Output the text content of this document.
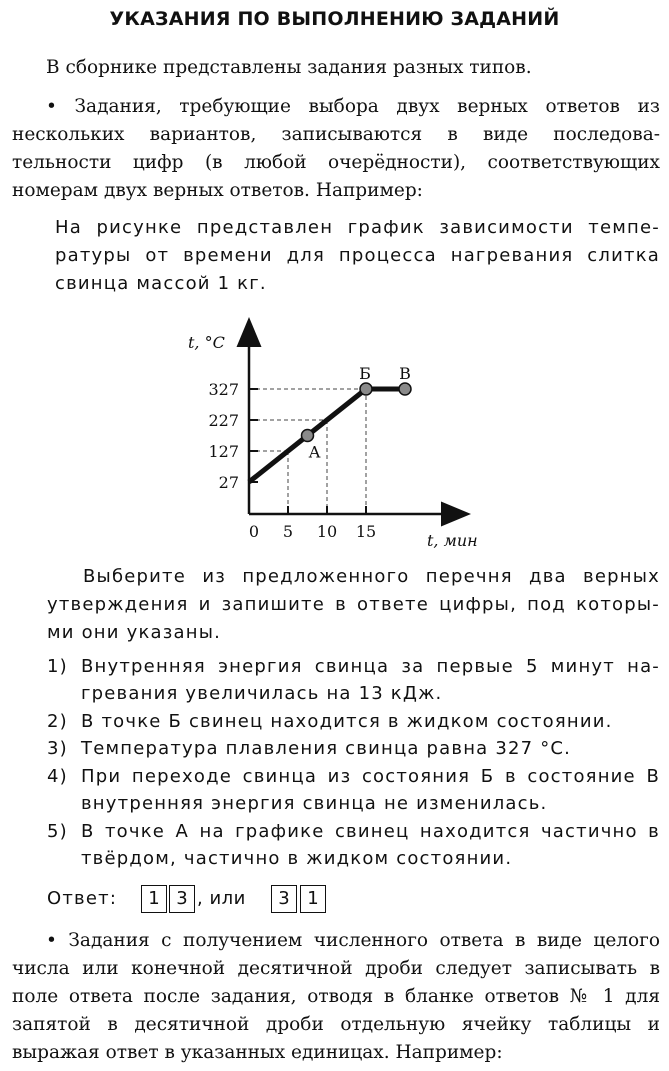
УКАЗАНИЯ ПО ВЫПОЛНЕНИЮ ЗАДАНИЙ
В сборнике представлены задания разных типов.
• Задания, требующие выбора двух верных ответов из
нескольких вариантов, записываются в виде последова-
тельности цифр (в любой очерёдности), соответствующих
номерам двух верных ответов. Например:
На рисунке представлен график зависимости темпе-
ратуры от времени для процесса нагревания слитка
свинца массой 1 кг.
27
127
227
327
0 5 10 15
А
Б В
t, °С
t, мин
Выберите из предложенного перечня два верных
утверждения и запишите в ответе цифры, под которы-
ми они указаны.
1) Внутренняя энергия свинца за первые 5 минут на-
гревания увеличилась на 13 кДж.
2) В точке Б свинец находится в жидком состоянии.
3) Температура плавления свинца равна 327 °С.
4) При переходе свинца из состояния Б в состояние В
внутренняя энергия свинца не изменилась.
5) В точке А на графике свинец находится частично в
твёрдом, частично в жидком состоянии.
Ответ:	1 3 , или	3 1
• Задания с получением численного ответа в виде целого
числа или конечной десятичной дроби следует записывать в
поле ответа после задания, отводя в бланке ответов № 1 для
запятой в десятичной дроби отдельную ячейку таблицы и
выражая ответ в указанных единицах. Например:
